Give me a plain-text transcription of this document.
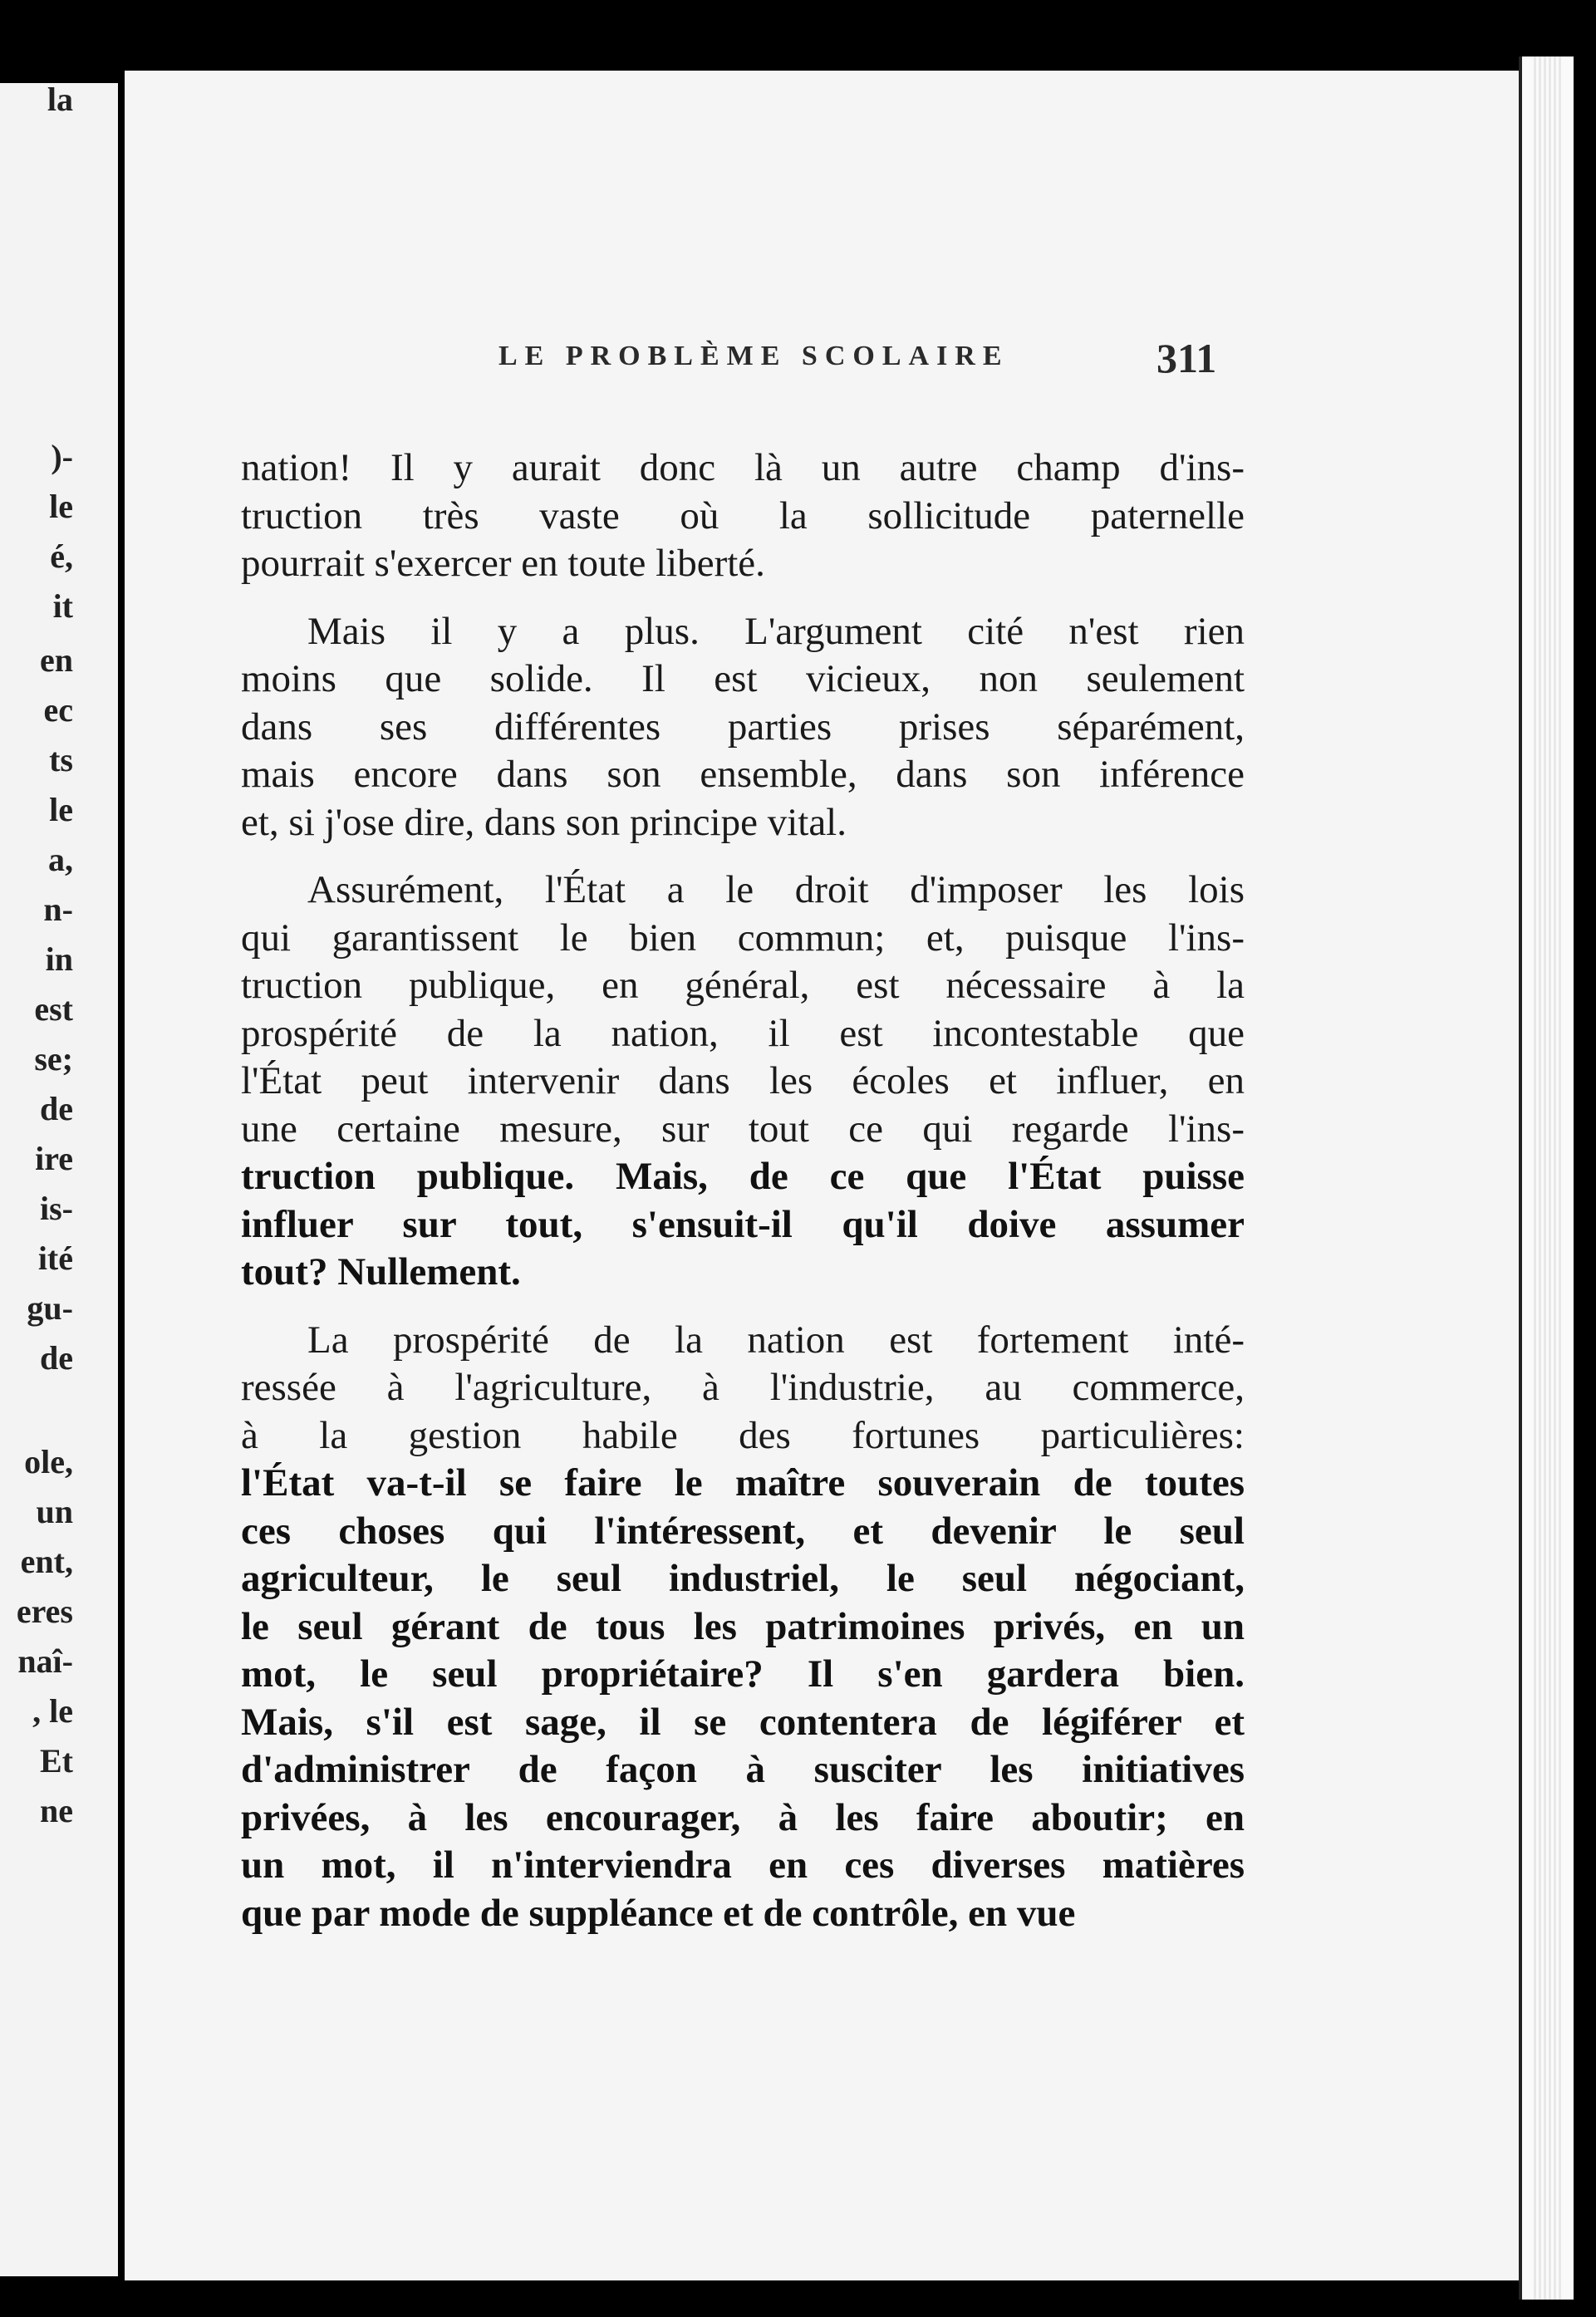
)-
le
é,
it
en
ec
ts
le
a,
n-
in
est
se;
de
ire
is-
ité
gu-
de
ole,
un
ent,
eres
naî-
, le
Et
ne
la
LE PROBLÈME SCOLAIRE	311
nation! Il y aurait donc là un autre champ d'ins-
truction très vaste où la sollicitude paternelle
pourrait s'exercer en toute liberté.
Mais il y a plus. L'argument cité n'est rien
moins que solide. Il est vicieux, non seulement
dans ses différentes parties prises séparément,
mais encore dans son ensemble, dans son inférence
et, si j'ose dire, dans son principe vital.
Assurément, l'État a le droit d'imposer les lois
qui garantissent le bien commun; et, puisque l'ins-
truction publique, en général, est nécessaire à la
prospérité de la nation, il est incontestable que
l'État peut intervenir dans les écoles et influer, en
une certaine mesure, sur tout ce qui regarde l'ins-
truction publique. Mais, de ce que l'État puisse
influer sur tout, s'ensuit-il qu'il doive assumer
tout? Nullement.
La prospérité de la nation est fortement inté-
ressée à l'agriculture, à l'industrie, au commerce,
à la gestion habile des fortunes particulières:
l'État va-t-il se faire le maître souverain de toutes
ces choses qui l'intéressent, et devenir le seul
agriculteur, le seul industriel, le seul négociant,
le seul gérant de tous les patrimoines privés, en un
mot, le seul propriétaire? Il s'en gardera bien.
Mais, s'il est sage, il se contentera de légiférer et
d'administrer de façon à susciter les initiatives
privées, à les encourager, à les faire aboutir; en
un mot, il n'interviendra en ces diverses matières
que par mode de suppléance et de contrôle, en vue
